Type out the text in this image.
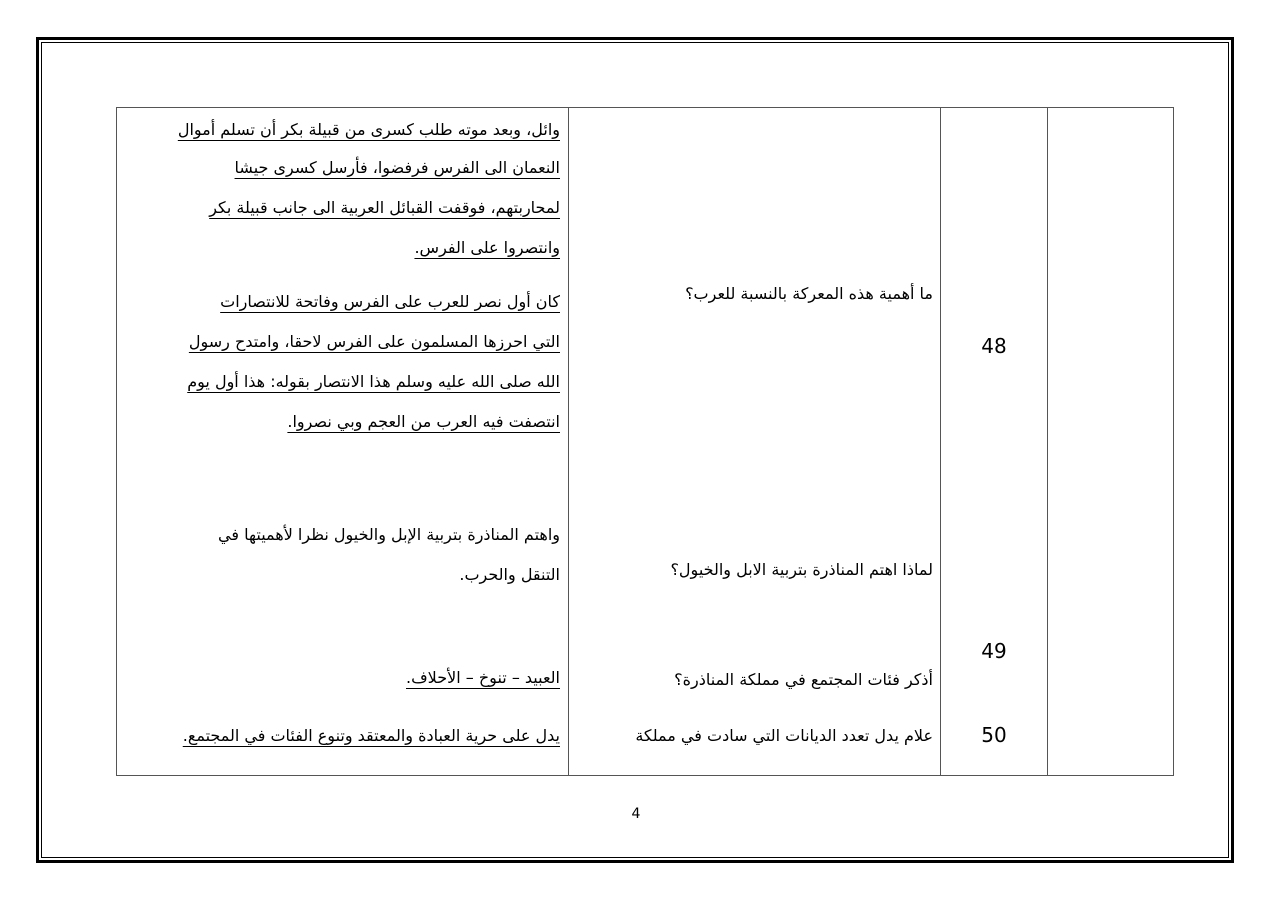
وائل، وبعد موته طلب كسرى من قبيلة بكر أن تسلم أموال
النعمان الى الفرس فرفضوا، فأرسل كسرى جيشا
لمحاربتهم، فوقفت القبائل العربية الى جانب قبيلة بكر
وانتصروا على الفرس.
كان أول نصر للعرب على الفرس وفاتحة للانتصارات
التي احرزها المسلمون على الفرس لاحقا، وامتدح رسول
الله صلى الله عليه وسلم هذا الانتصار بقوله: هذا أول يوم
انتصفت فيه العرب من العجم وبي نصروا.
ما أهمية هذه المعركة بالنسبة للعرب؟
48
واهتم المناذرة بتربية الإبل والخيول نظرا لأهميتها في
التنقل والحرب.	لماذا اهتم المناذرة بتربية الابل والخيول؟
49
أذكر فئات المجتمع في مملكة المناذرة؟
العبيد – تنوخ – الأحلاف.
50
علام يدل تعدد الديانات التي سادت في مملكة
يدل على حرية العبادة والمعتقد وتنوع الفئات في المجتمع.
4
